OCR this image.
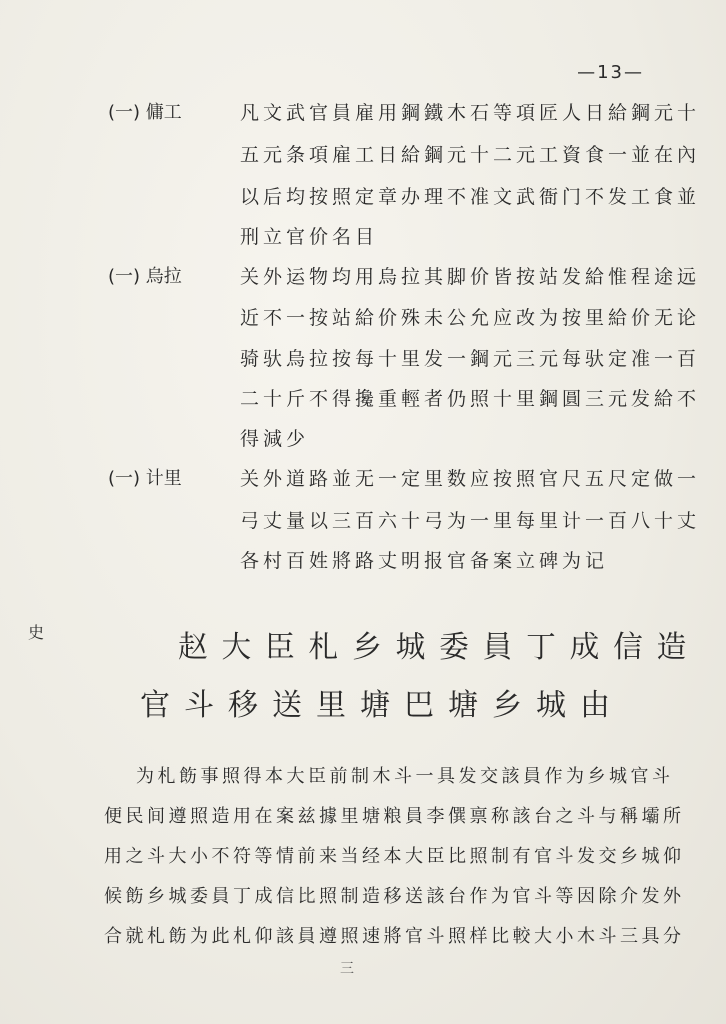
—13—
(一) 傭工	凡文武官員雇用鋼鐵木石等項匠人日給鋼元十
五元条項雇工日給鋼元十二元工資食一並在內
以后均按照定章办理不准文武衙门不发工食並
刑立官价名目
(一) 烏拉	关外运物均用烏拉其脚价皆按站发給惟程途远
近不一按站給价殊未公允应改为按里給价无论
骑驮烏拉按每十里发一鋼元三元每驮定准一百
二十斤不得攙重輕者仍照十里鋼圓三元发給不
得減少
(一) 计里	关外道路並无一定里数应按照官尺五尺定做一
弓丈量以三百六十弓为一里每里计一百八十丈
各村百姓將路丈明报官备案立碑为记
史	赵大臣札乡城委員丁成信造
官斗移送里塘巴塘乡城由
为札飭事照得本大臣前制木斗一具发交該員作为乡城官斗
便民间遵照造用在案兹據里塘粮員李僎禀称該台之斗与稱壩所
用之斗大小不符等情前来当经本大臣比照制有官斗发交乡城仰
候飭乡城委員丁成信比照制造移送該台作为官斗等因除介发外
合就札飭为此札仰該員遵照速將官斗照样比較大小木斗三具分
三
